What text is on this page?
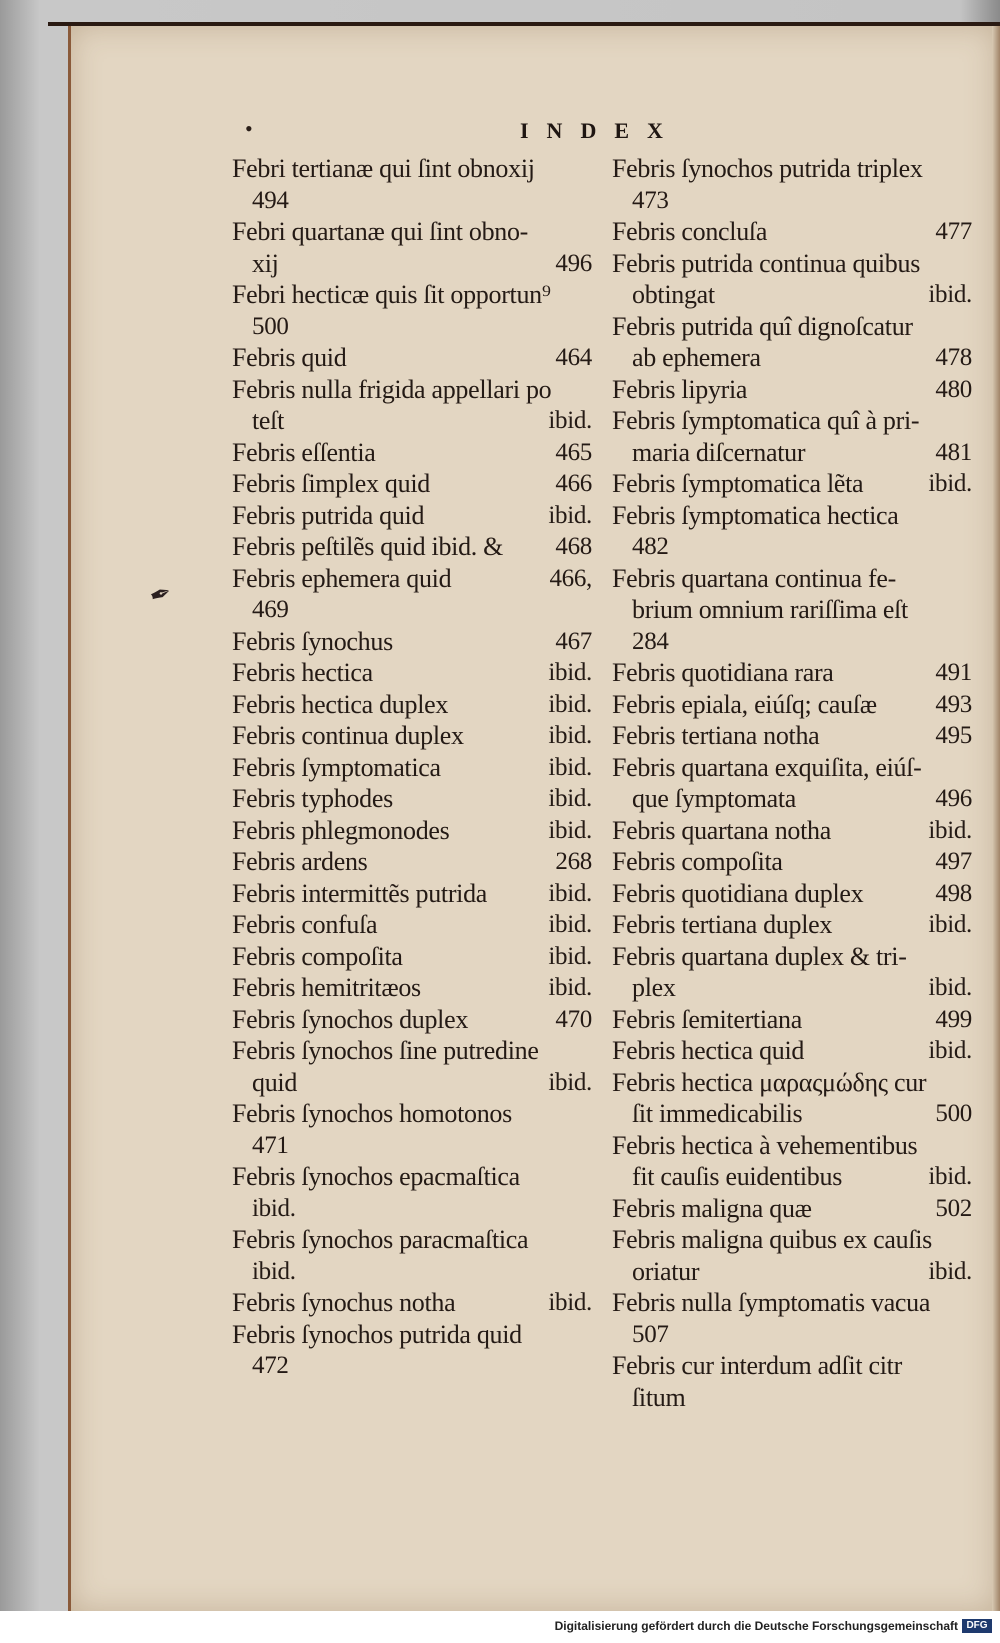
•	INDEX
✒
Febri tertianæ qui ſint obnoxij
494
Febri quartanæ qui ſint obno-
xij	496
Febri hecticæ quis ſit opportun⁹
500
Febris quid	464
Febris nulla frigida appellari po
teſt	ibid.
Febris eſſentia	465
Febris ſimplex quid	466
Febris putrida quid	ibid.
Febris peſtilẽs quid ibid. &	468
Febris ephemera quid	466,
469
Febris ſynochus	467
Febris hectica	ibid.
Febris hectica duplex	ibid.
Febris continua duplex	ibid.
Febris ſymptomatica	ibid.
Febris typhodes	ibid.
Febris phlegmonodes	ibid.
Febris ardens	268
Febris intermittẽs putrida	ibid.
Febris confuſa	ibid.
Febris compoſita	ibid.
Febris hemitritæos	ibid.
Febris ſynochos duplex	470
Febris ſynochos ſine putredine
quid	ibid.
Febris ſynochos homotonos
471
Febris ſynochos epacmaſtica
ibid.
Febris ſynochos paracmaſtica
ibid.
Febris ſynochus notha	ibid.
Febris ſynochos putrida quid
472
Febris ſynochos putrida triplex
473
Febris concluſa	477
Febris putrida continua quibus
obtingat	ibid.
Febris putrida quî dignoſcatur
ab ephemera	478
Febris lipyria	480
Febris ſymptomatica quî à pri-
maria diſcernatur	481
Febris ſymptomatica lẽta	ibid.
Febris ſymptomatica hectica
482
Febris quartana continua fe-
brium omnium rariſſima eſt
284
Febris quotidiana rara	491
Febris epiala, eiúſq; cauſæ	493
Febris tertiana notha	495
Febris quartana exquiſita, eiúſ-
que ſymptomata	496
Febris quartana notha	ibid.
Febris compoſita	497
Febris quotidiana duplex	498
Febris tertiana duplex	ibid.
Febris quartana duplex & tri-
plex	ibid.
Febris ſemitertiana	499
Febris hectica quid	ibid.
Febris hectica μαραςμώδης cur
ſit immedicabilis	500
Febris hectica à vehementibus
fit cauſis euidentibus	ibid.
Febris maligna quæ	502
Febris maligna quibus ex cauſis
oriatur	ibid.
Febris nulla ſymptomatis vacua
507
Febris cur interdum adſit citr
ſitum
Digitalisierung gefördert durch die Deutsche Forschungsgemeinschaft DFG
